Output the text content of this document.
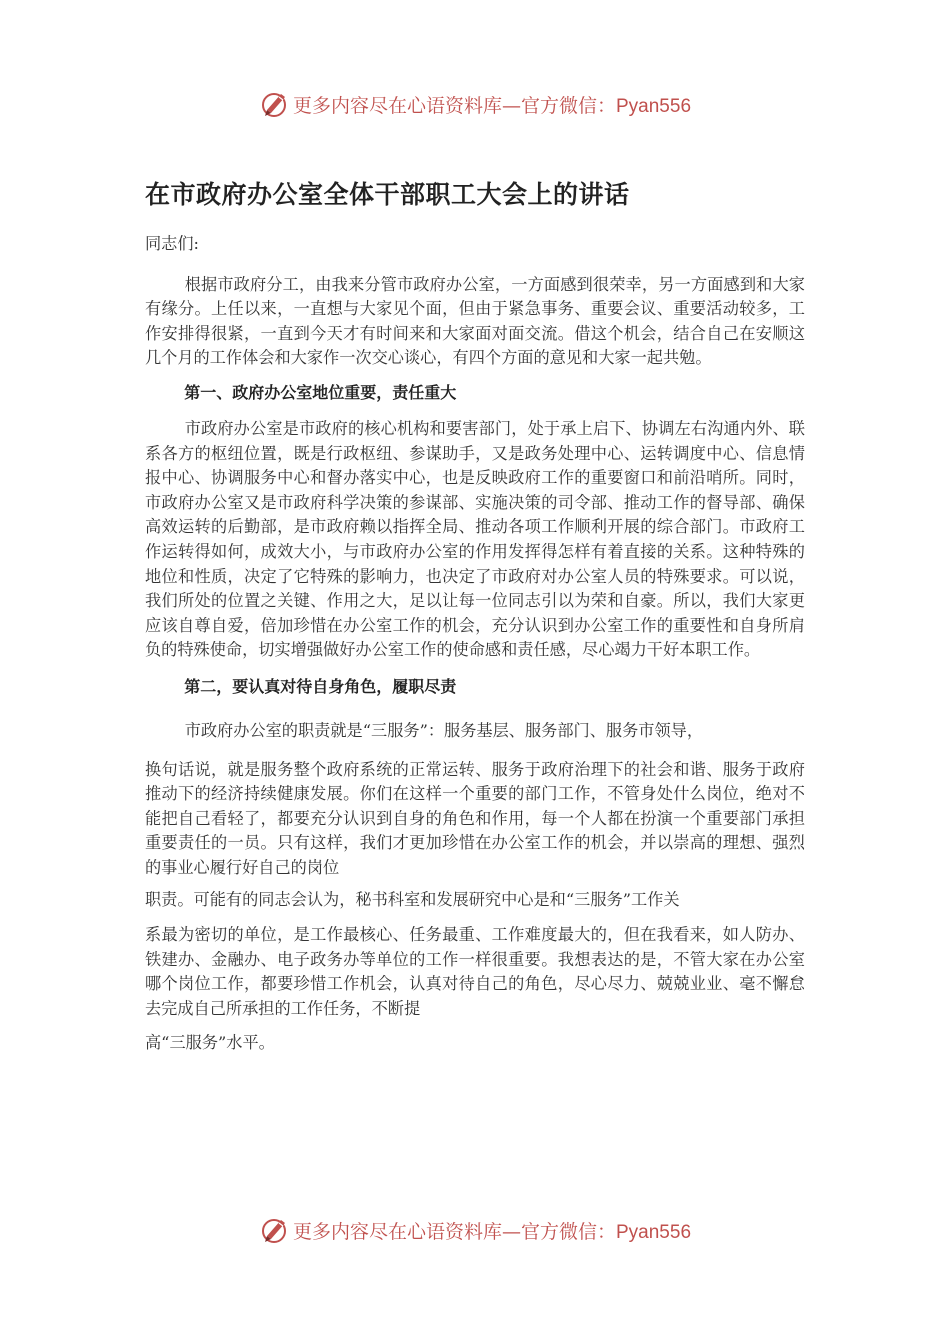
更多内容尽在心语资料库—官方微信：Pyan556
在市政府办公室全体干部职工大会上的讲话

同志们:

根据市政府分工，由我来分管市政府办公室，一方面感到很荣幸，另一方面感到和大家有缘分。上任以来，一直想与大家见个面，但由于紧急事务、重要会议、重要活动较多，工作安排得很紧，一直到今天才有时间来和大家面对面交流。借这个机会，结合自己在安顺这几个月的工作体会和大家作一次交心谈心，有四个方面的意见和大家一起共勉。

第一、政府办公室地位重要，责任重大

市政府办公室是市政府的核心机构和要害部门，处于承上启下、协调左右沟通内外、联系各方的枢纽位置，既是行政枢纽、参谋助手，又是政务处理中心、运转调度中心、信息情报中心、协调服务中心和督办落实中心，也是反映政府工作的重要窗口和前沿哨所。同时，市政府办公室又是市政府科学决策的参谋部、实施决策的司令部、推动工作的督导部、确保高效运转的后勤部，是市政府赖以指挥全局、推动各项工作顺利开展的综合部门。市政府工作运转得如何，成效大小，与市政府办公室的作用发挥得怎样有着直接的关系。这种特殊的地位和性质，决定了它特殊的影响力，也决定了市政府对办公室人员的特殊要求。可以说，我们所处的位置之关键、作用之大，足以让每一位同志引以为荣和自豪。所以，我们大家更应该自尊自爱，倍加珍惜在办公室工作的机会，充分认识到办公室工作的重要性和自身所肩负的特殊使命，切实增强做好办公室工作的使命感和责任感，尽心竭力干好本职工作。

第二，要认真对待自身角色，履职尽责

市政府办公室的职责就是“三服务”：服务基层、服务部门、服务市领导，

换句话说，就是服务整个政府系统的正常运转、服务于政府治理下的社会和谐、服务于政府推动下的经济持续健康发展。你们在这样一个重要的部门工作，不管身处什么岗位，绝对不能把自己看轻了，都要充分认识到自身的角色和作用，每一个人都在扮演一个重要部门承担重要责任的一员。只有这样，我们才更加珍惜在办公室工作的机会，并以崇高的理想、强烈的事业心履行好自己的岗位

职责。可能有的同志会认为，秘书科室和发展研究中心是和“三服务”工作关

系最为密切的单位，是工作最核心、任务最重、工作难度最大的，但在我看来，如人防办、铁建办、金融办、电子政务办等单位的工作一样很重要。我想表达的是，不管大家在办公室哪个岗位工作，都要珍惜工作机会，认真对待自己的角色，尽心尽力、兢兢业业、毫不懈怠去完成自己所承担的工作任务，不断提

高“三服务”水平。

更多内容尽在心语资料库—官方微信：Pyan556
